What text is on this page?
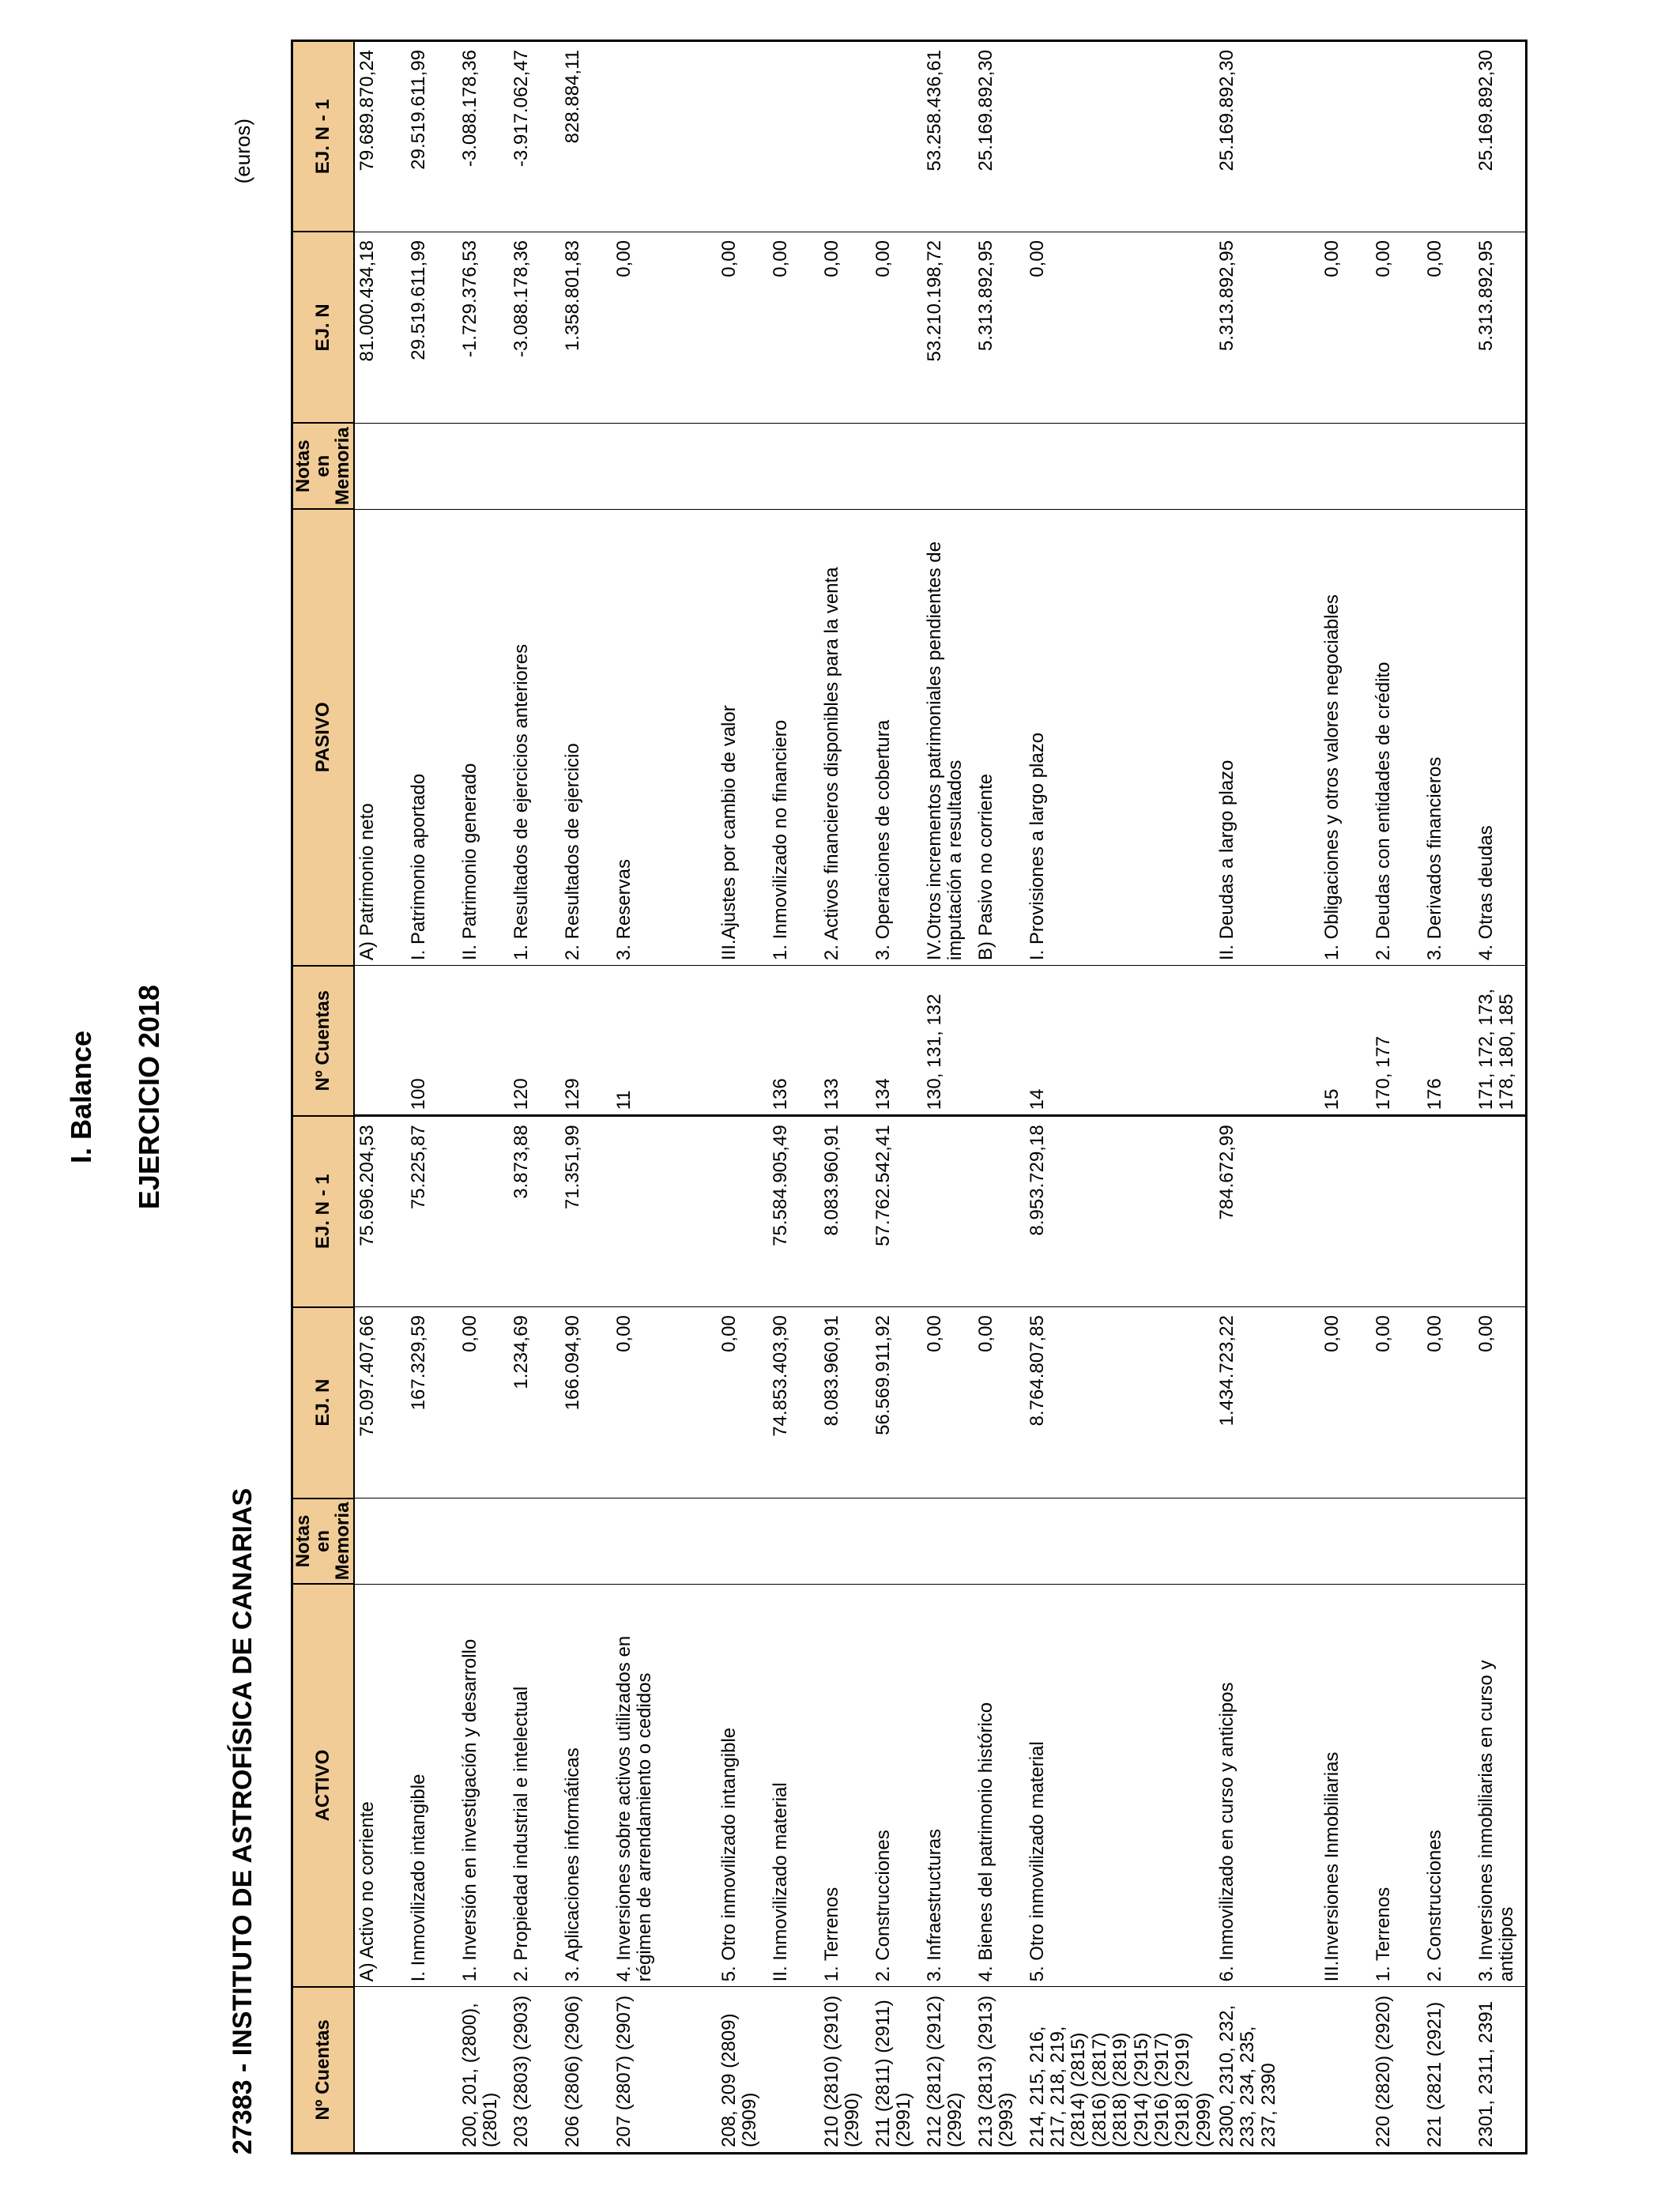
I. Balance EJERCICIO 2018
27383 - INSTITUTO DE ASTROFÍSICA DE CANARIAS
(euros)
Nº Cuentas	ACTIVO	Notas en Memoria	EJ. N	EJ. N - 1	Nº Cuentas	PASIVO	Notas en Memoria	EJ. N	EJ. N - 1
	A) Activo no corriente		75.097.407,66	75.696.204,53		A) Patrimonio neto		81.000.434,18	79.689.870,24
	I. Inmovilizado intangible		167.329,59	75.225,87	100	I. Patrimonio aportado		29.519.611,99	29.519.611,99
200, 201, (2800), (2801)	1. Inversión en investigación y desarrollo		0,00			II. Patrimonio generado		-1.729.376,53	-3.088.178,36
203 (2803) (2903)	2. Propiedad industrial e intelectual		1.234,69	3.873,88	120	1. Resultados de ejercicios anteriores		-3.088.178,36	-3.917.062,47
206 (2806) (2906)	3. Aplicaciones informáticas		166.094,90	71.351,99	129	2. Resultados de ejercicio		1.358.801,83	828.884,11
207 (2807) (2907)	4. Inversiones sobre activos utilizados en régimen de arrendamiento o cedidos		0,00		11	3. Reservas		0,00	
208, 209 (2809) (2909)	5. Otro inmovilizado intangible		0,00			III.Ajustes por cambio de valor		0,00	
	II. Inmovilizado material		74.853.403,90	75.584.905,49	136	1. Inmovilizado no financiero		0,00	
210 (2810) (2910) (2990)	1. Terrenos		8.083.960,91	8.083.960,91	133	2. Activos financieros disponibles para la venta		0,00	
211 (2811) (2911) (2991)	2. Construcciones		56.569.911,92	57.762.542,41	134	3. Operaciones de cobertura		0,00	
212 (2812) (2912) (2992)	3. Infraestructuras		0,00		130, 131, 132	IV.Otros incrementos patrimoniales pendientes de imputación a resultados		53.210.198,72	53.258.436,61
213 (2813) (2913) (2993)	4. Bienes del patrimonio histórico		0,00			B) Pasivo no corriente		5.313.892,95	25.169.892,30
214, 215, 216, 217, 218, 219, (2814) (2815) (2816) (2817) (2818) (2819) (2914) (2915) (2916) (2917) (2918) (2919) (2999)	5. Otro inmovilizado material		8.764.807,85	8.953.729,18	14	I. Provisiones a largo plazo		0,00	
2300, 2310, 232, 233, 234, 235, 237, 2390	6. Inmovilizado en curso y anticipos		1.434.723,22	784.672,99		II. Deudas a largo plazo		5.313.892,95	25.169.892,30
	III.Inversiones Inmobiliarias		0,00		15	1. Obligaciones y otros valores negociables		0,00	
220 (2820) (2920)	1. Terrenos		0,00		170, 177	2. Deudas con entidades de crédito		0,00	
221 (2821 (2921)	2. Construcciones		0,00		176	3. Derivados financieros		0,00	
2301, 2311, 2391	3. Inversiones inmobiliarias en curso y anticipos		0,00		171, 172, 173, 178, 180, 185	4. Otras deudas		5.313.892,95	25.169.892,30
